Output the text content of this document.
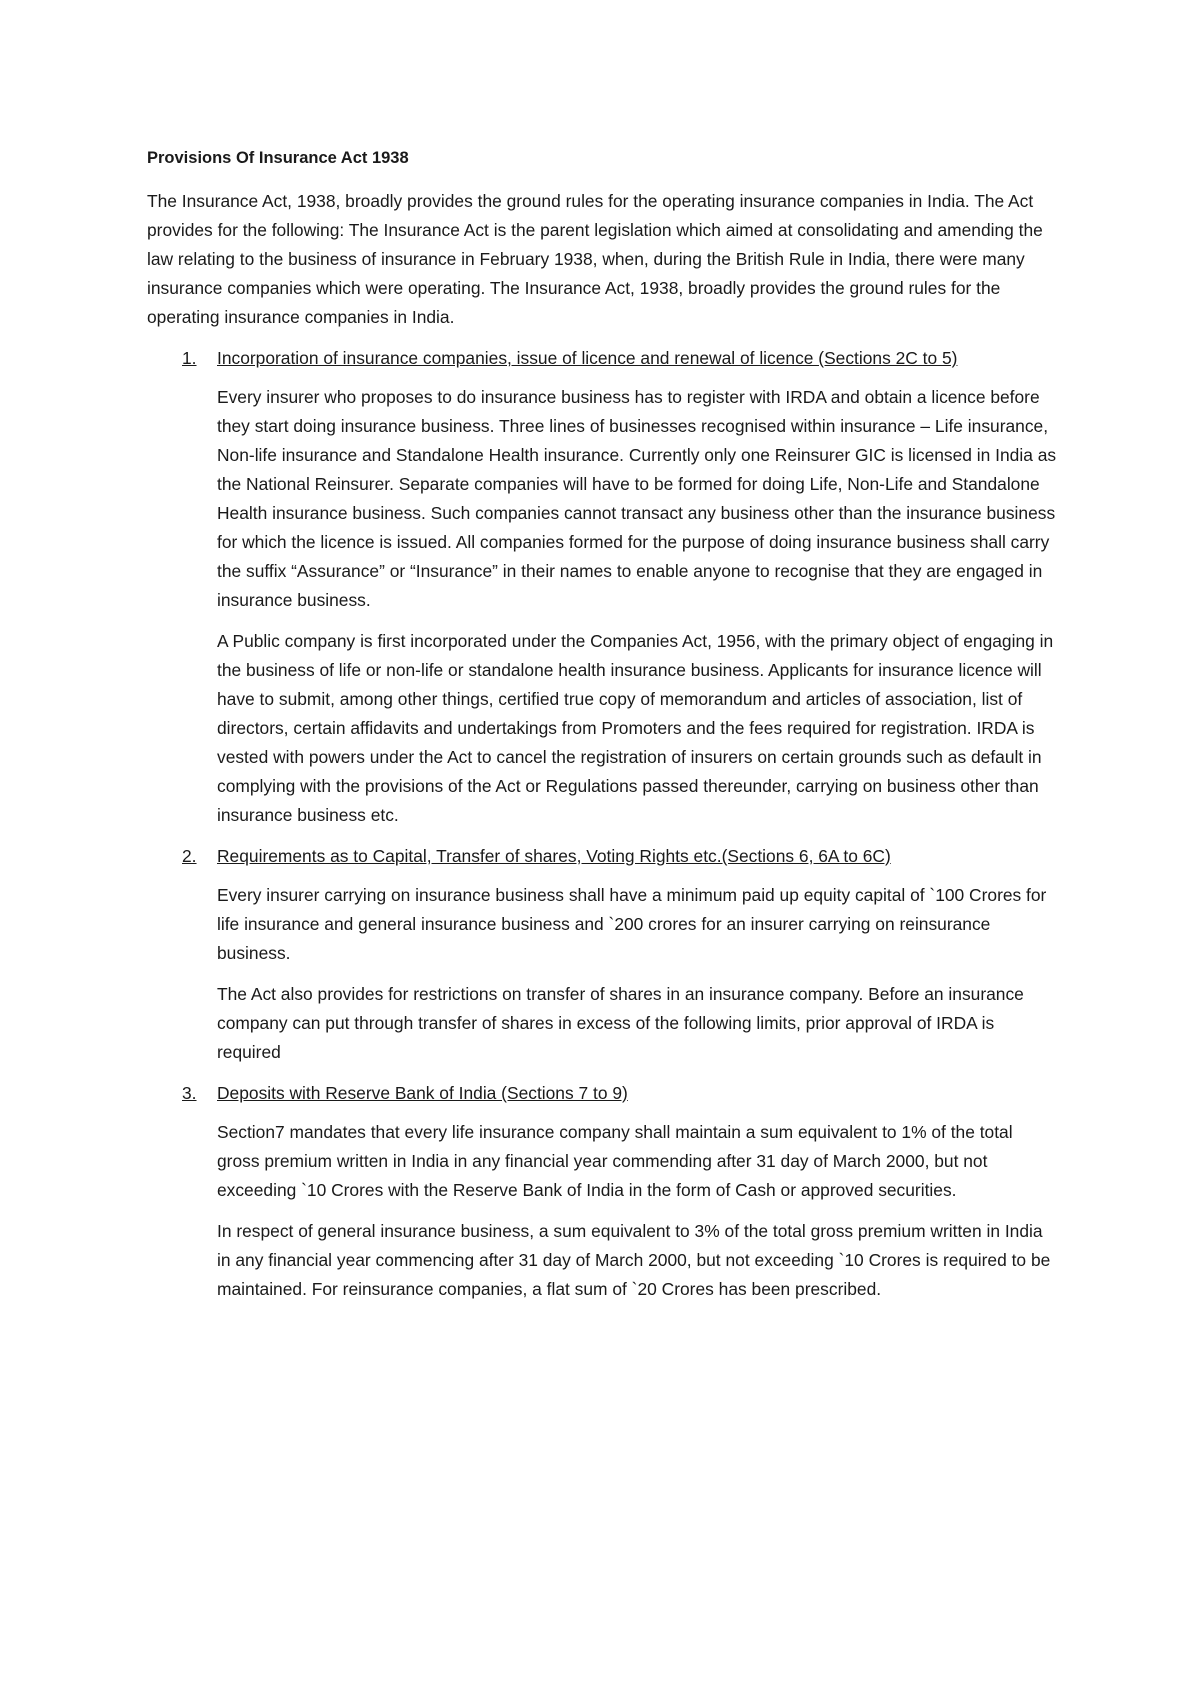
Provisions Of Insurance Act 1938

The Insurance Act, 1938, broadly provides the ground rules for the operating insurance companies in India. The Act provides for the following: The Insurance Act is the parent legislation which aimed at consolidating and amending the law relating to the business of insurance in February 1938, when, during the British Rule in India, there were many insurance companies which were operating. The Insurance Act, 1938, broadly provides the ground rules for the operating insurance companies in India.

1. Incorporation of insurance companies, issue of licence and renewal of licence (Sections 2C to 5)

Every insurer who proposes to do insurance business has to register with IRDA and obtain a licence before they start doing insurance business. Three lines of businesses recognised within insurance – Life insurance, Non-life insurance and Standalone Health insurance. Currently only one Reinsurer GIC is licensed in India as the National Reinsurer. Separate companies will have to be formed for doing Life, Non-Life and Standalone Health insurance business. Such companies cannot transact any business other than the insurance business for which the licence is issued. All companies formed for the purpose of doing insurance business shall carry the suffix “Assurance” or “Insurance” in their names to enable anyone to recognise that they are engaged in insurance business.

A Public company is first incorporated under the Companies Act, 1956, with the primary object of engaging in the business of life or non-life or standalone health insurance business. Applicants for insurance licence will have to submit, among other things, certified true copy of memorandum and articles of association, list of directors, certain affidavits and undertakings from Promoters and the fees required for registration. IRDA is vested with powers under the Act to cancel the registration of insurers on certain grounds such as default in complying with the provisions of the Act or Regulations passed thereunder, carrying on business other than insurance business etc.

2. Requirements as to Capital, Transfer of shares, Voting Rights etc.(Sections 6, 6A to 6C)

Every insurer carrying on insurance business shall have a minimum paid up equity capital of `100 Crores for life insurance and general insurance business and `200 crores for an insurer carrying on reinsurance business.

The Act also provides for restrictions on transfer of shares in an insurance company. Before an insurance company can put through transfer of shares in excess of the following limits, prior approval of IRDA is required

3. Deposits with Reserve Bank of India (Sections 7 to 9)

Section7 mandates that every life insurance company shall maintain a sum equivalent to 1% of the total gross premium written in India in any financial year commending after 31 day of March 2000, but not exceeding `10 Crores with the Reserve Bank of India in the form of Cash or approved securities.

In respect of general insurance business, a sum equivalent to 3% of the total gross premium written in India in any financial year commencing after 31 day of March 2000, but not exceeding `10 Crores is required to be maintained. For reinsurance companies, a flat sum of `20 Crores has been prescribed.
